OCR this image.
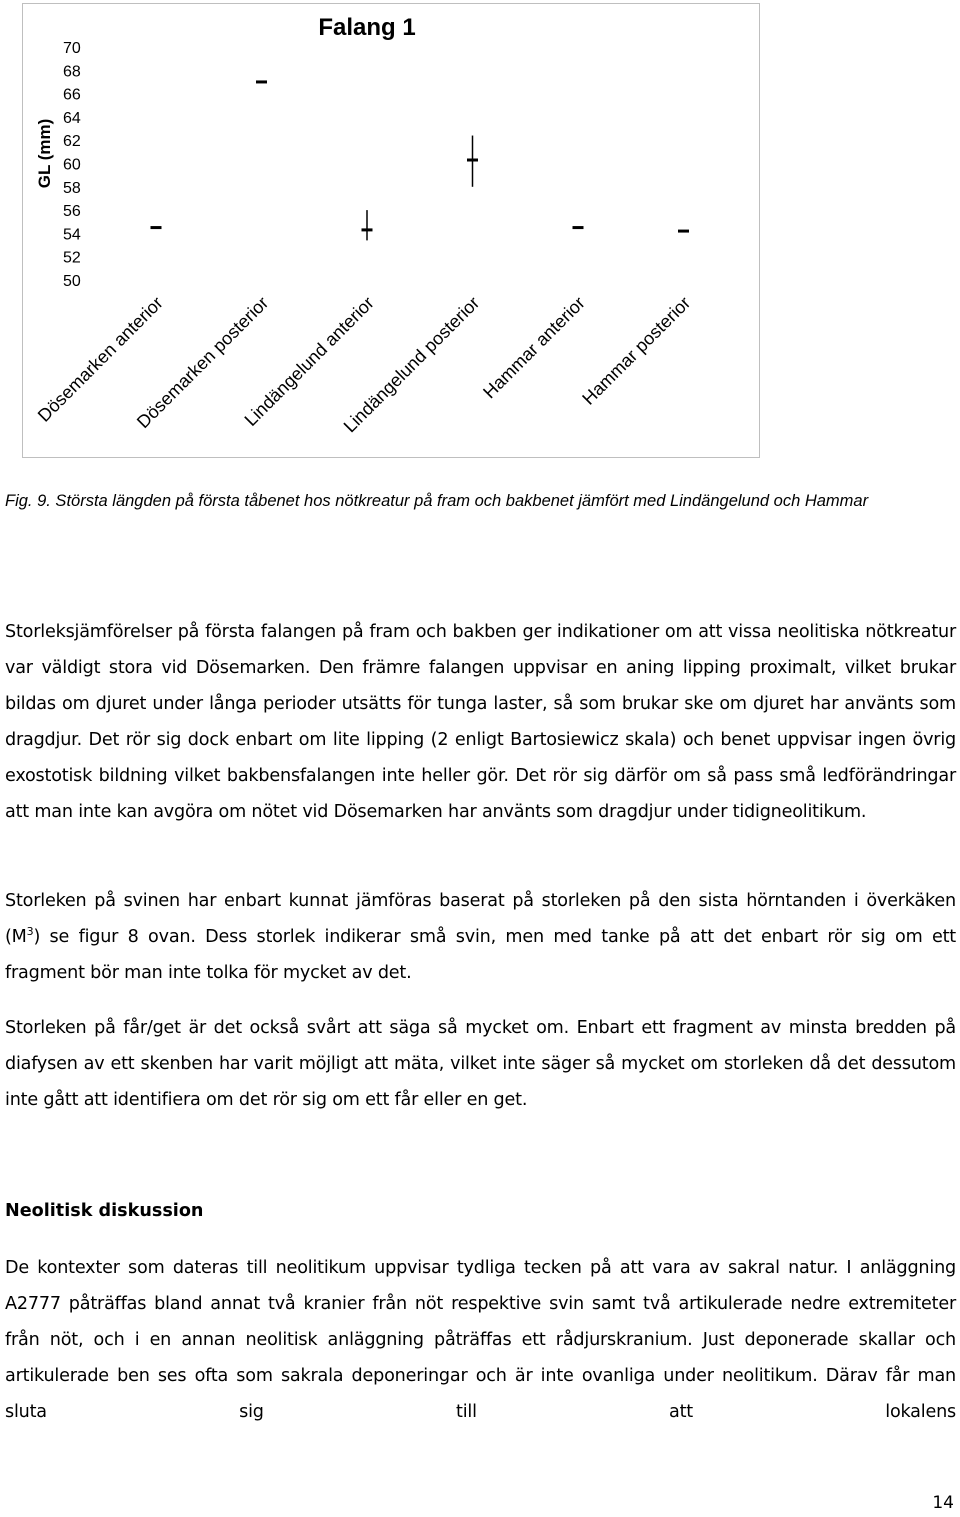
Falang 1
GL (mm)
70
68
66
64
62
60
58
56
54
52
50
Dösemarken anterior
Dösemarken posterior
Lindängelund anterior
Lindängelund posterior
Hammar anterior
Hammar posterior

Fig. 9. Största längden på första tåbenet hos nötkreatur på fram och bakbenet jämfört med Lindängelund och Hammar

Storleksjämförelser på första falangen på fram och bakben ger indikationer om att vissa neolitiska nötkreatur var väldigt stora vid Dösemarken. Den främre falangen uppvisar en aning lipping proximalt, vilket brukar bildas om djuret under långa perioder utsätts för tunga laster, så som brukar ske om djuret har använts som dragdjur. Det rör sig dock enbart om lite lipping (2 enligt Bartosiewicz skala) och benet uppvisar ingen övrig exostotisk bildning vilket bakbensfalangen inte heller gör. Det rör sig därför om så pass små ledförändringar att man inte kan avgöra om nötet vid Dösemarken har använts som dragdjur under tidigneolitikum.

Storleken på svinen har enbart kunnat jämföras baserat på storleken på den sista hörntanden i överkäken $(M^3)$ se figur 8 ovan. Dess storlek indikerar små svin, men med tanke på att det enbart rör sig om ett fragment bör man inte tolka för mycket av det.

Storleken på får/get är det också svårt att säga så mycket om. Enbart ett fragment av minsta bredden på diafysen av ett skenben har varit möjligt att mäta, vilket inte säger så mycket om storleken då det dessutom inte gått att identifiera om det rör sig om ett får eller en get.

Neolitisk diskussion

De kontexter som dateras till neolitikum uppvisar tydliga tecken på att vara av sakral natur. I anläggning A2777 påträffas bland annat två kranier från nöt respektive svin samt två artikulerade nedre extremiteter från nöt, och i en annan neolitisk anläggning påträffas ett rådjurskranium. Just deponerade skallar och artikulerade ben ses ofta som sakrala deponeringar och är inte ovanliga under neolitikum. Därav får man sluta sig till att lokalens

14
